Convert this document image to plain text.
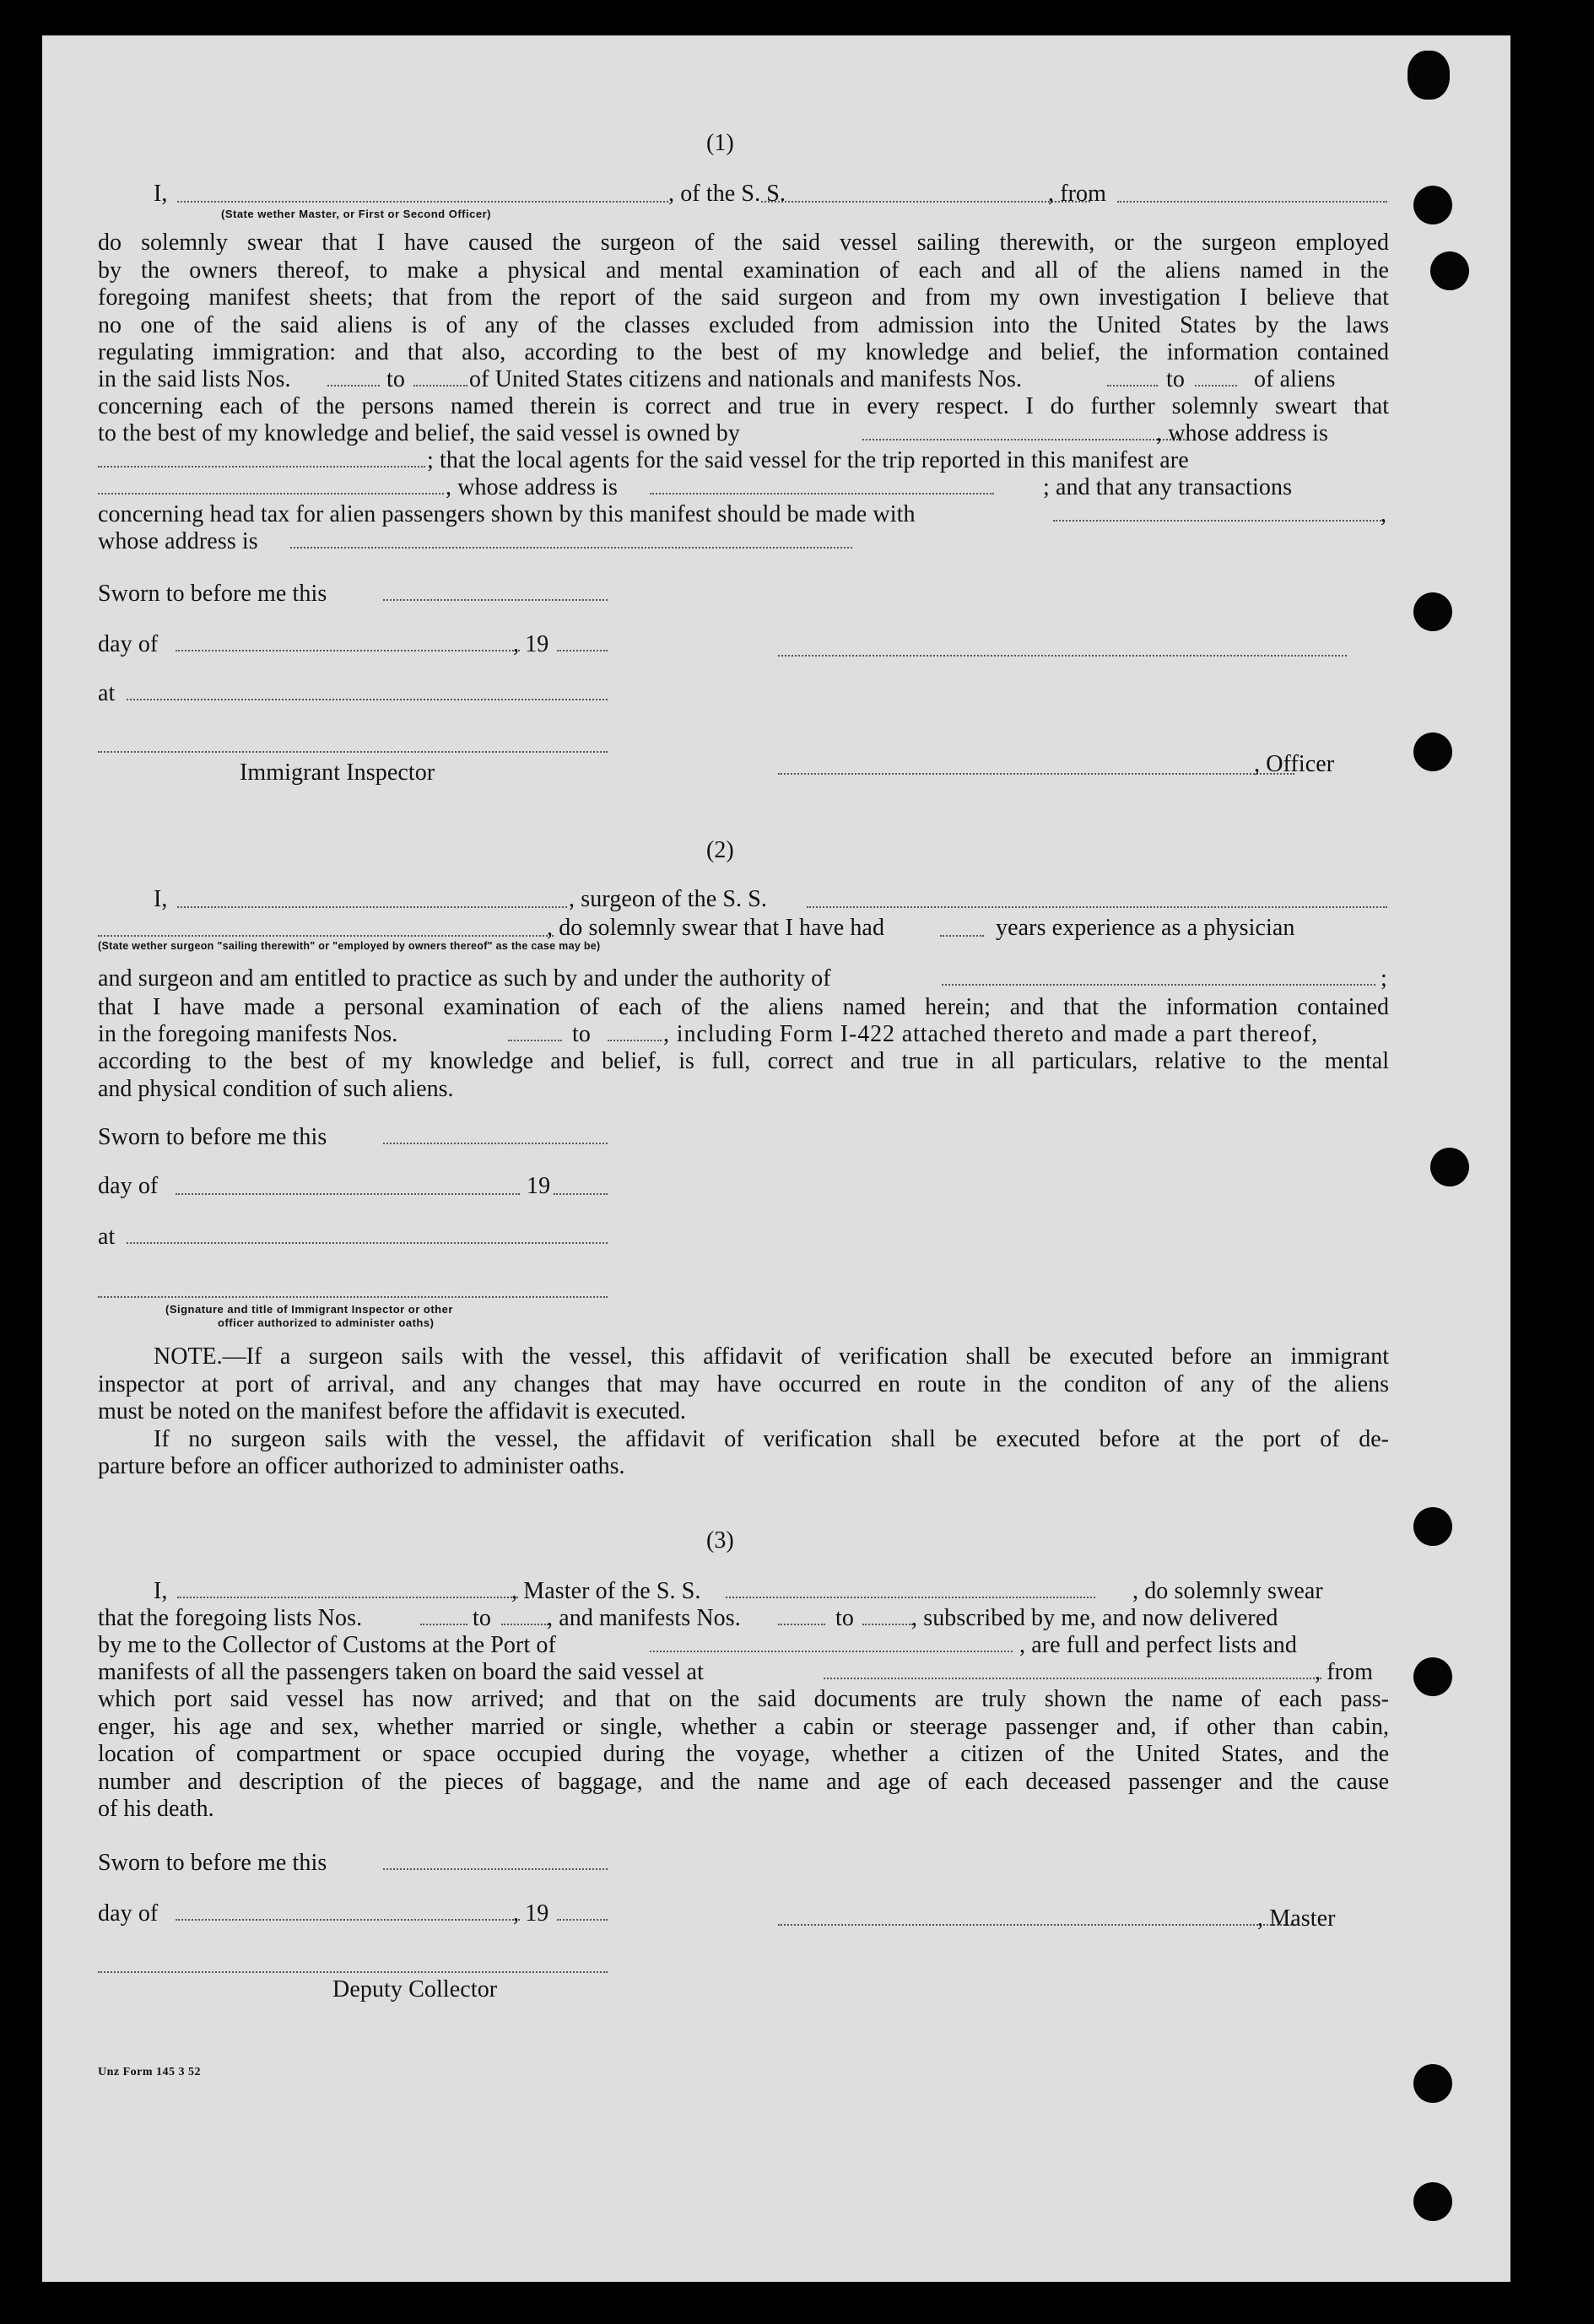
(1)
I,	, of the S. S.	, from
(State wether Master, or First or Second Officer)
do solemnly swear that I have caused the surgeon of the said vessel sailing therewith, or the surgeon employed
by the owners thereof, to make a physical and mental examination of each and all of the aliens named in the
foregoing manifest sheets; that from the report of the said surgeon and from my own investigation I believe that
no one of the said aliens is of any of the classes excluded from admission into the United States by the laws
regulating immigration: and that also, according to the best of my knowledge and belief, the information contained
in the said lists Nos.	to	of United States citizens and nationals and manifests Nos.	to	of aliens
concerning each of the persons named therein is correct and true in every respect. I do further solemnly sweart that
to the best of my knowledge and belief, the said vessel is owned by	, whose address is
; that the local agents for the said vessel for the trip reported in this manifest are
, whose address is	; and that any transactions
concerning head tax for alien passengers shown by this manifest should be made with	,
whose address is
Sworn to before me this
day of	, 19
at
Immigrant Inspector	, Officer
(2)
I,	, surgeon of the S. S.
, do solemnly swear that I have had	years experience as a physician
(State wether surgeon "sailing therewith" or "employed by owners thereof" as the case may be)
and surgeon and am entitled to practice as such by and under the authority of	;
that I have made a personal examination of each of the aliens named herein; and that the information contained
in the foregoing manifests Nos.	to	, including Form I-422 attached thereto and made a part thereof,
according to the best of my knowledge and belief, is full, correct and true in all particulars, relative to the mental
and physical condition of such aliens.
Sworn to before me this
day of	19
at
(Signature and title of Immigrant Inspector or other
officer authorized to administer oaths)
NOTE.—If a surgeon sails with the vessel, this affidavit of verification shall be executed before an immigrant
inspector at port of arrival, and any changes that may have occurred en route in the conditon of any of the aliens
must be noted on the manifest before the affidavit is executed.
If no surgeon sails with the vessel, the affidavit of verification shall be executed before at the port of de-
parture before an officer authorized to administer oaths.
(3)
I,	, Master of the S. S.	, do solemnly swear
that the foregoing lists Nos.	to , and manifests Nos.	to , subscribed by me, and now delivered
by me to the Collector of Customs at the Port of	, are full and perfect lists and
manifests of all the passengers taken on board the said vessel at	, from
which port said vessel has now arrived; and that on the said documents are truly shown the name of each pass-
enger, his age and sex, whether married or single, whether a cabin or steerage passenger and, if other than cabin,
location of compartment or space occupied during the voyage, whether a citizen of the United States, and the
number and description of the pieces of baggage, and the name and age of each deceased passenger and the cause
of his death.
Sworn to before me this
day of	, 19	, Master
Deputy Collector
Unz Form 145 3 52
